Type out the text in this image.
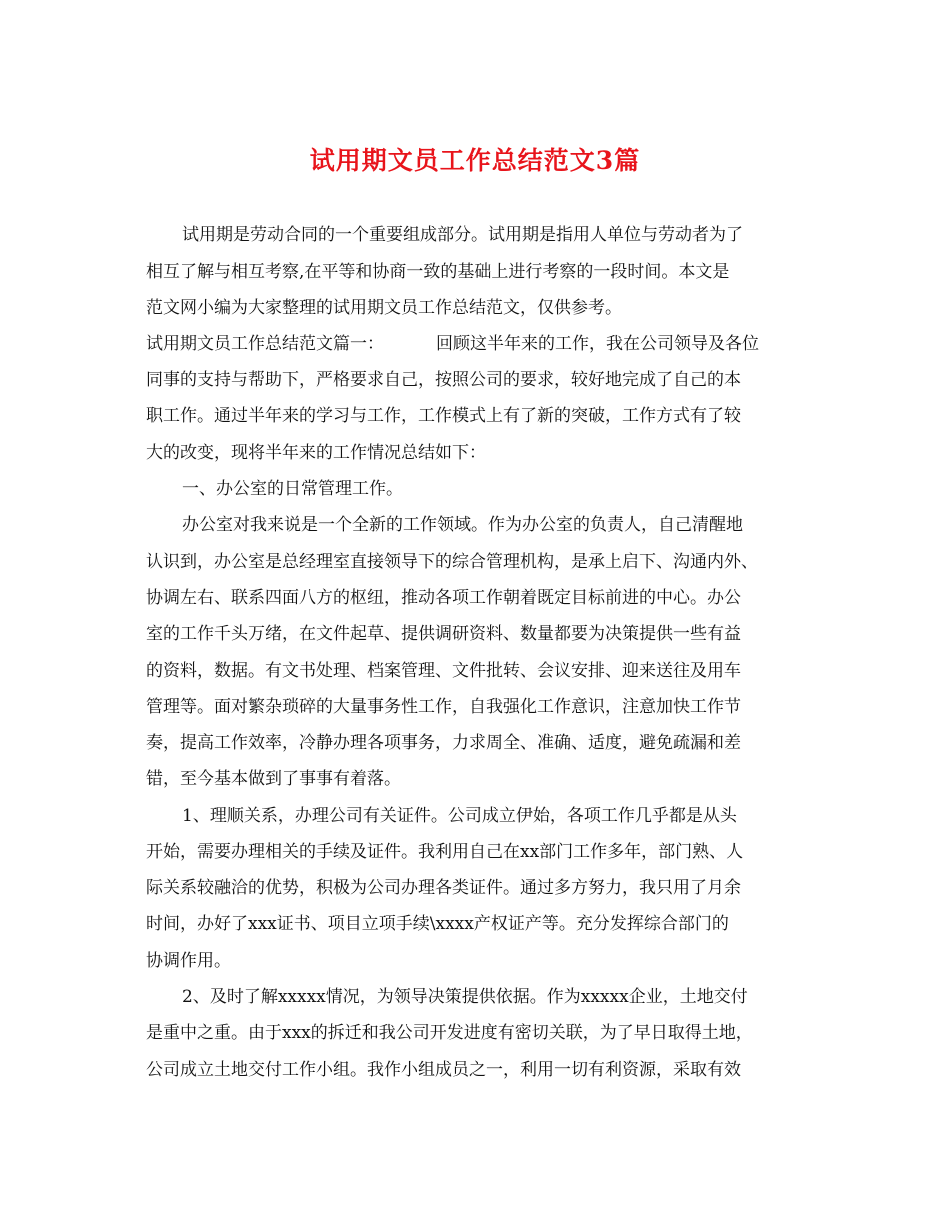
试用期文员工作总结范文3篇
试用期是劳动合同的一个重要组成部分。试用期是指用人单位与劳动者为了
相互了解与相互考察,在平等和协商一致的基础上进行考察的一段时间。本文是
范文网小编为大家整理的试用期文员工作总结范文，仅供参考。
试用期文员工作总结范文篇一：	回顾这半年来的工作，我在公司领导及各位
同事的支持与帮助下，严格要求自己，按照公司的要求，较好地完成了自己的本
职工作。通过半年来的学习与工作，工作模式上有了新的突破，工作方式有了较
大的改变，现将半年来的工作情况总结如下：
一、办公室的日常管理工作。
办公室对我来说是一个全新的工作领域。作为办公室的负责人，自己清醒地
认识到，办公室是总经理室直接领导下的综合管理机构，是承上启下、沟通内外、
协调左右、联系四面八方的枢纽，推动各项工作朝着既定目标前进的中心。办公
室的工作千头万绪，在文件起草、提供调研资料、数量都要为决策提供一些有益
的资料，数据。有文书处理、档案管理、文件批转、会议安排、迎来送往及用车
管理等。面对繁杂琐碎的大量事务性工作，自我强化工作意识，注意加快工作节
奏，提高工作效率，冷静办理各项事务，力求周全、准确、适度，避免疏漏和差
错，至今基本做到了事事有着落。
1、理顺关系，办理公司有关证件。公司成立伊始，各项工作几乎都是从头
开始，需要办理相关的手续及证件。我利用自己在xx部门工作多年，部门熟、人
际关系较融洽的优势，积极为公司办理各类证件。通过多方努力，我只用了月余
时间，办好了xxx证书、项目立项手续\xxxx产权证产等。充分发挥综合部门的
协调作用。
2、及时了解xxxxx情况，为领导决策提供依据。作为xxxxx企业，土地交付
是重中之重。由于xxx的拆迁和我公司开发进度有密切关联，为了早日取得土地，
公司成立土地交付工作小组。我作小组成员之一，利用一切有利资源，采取有效
